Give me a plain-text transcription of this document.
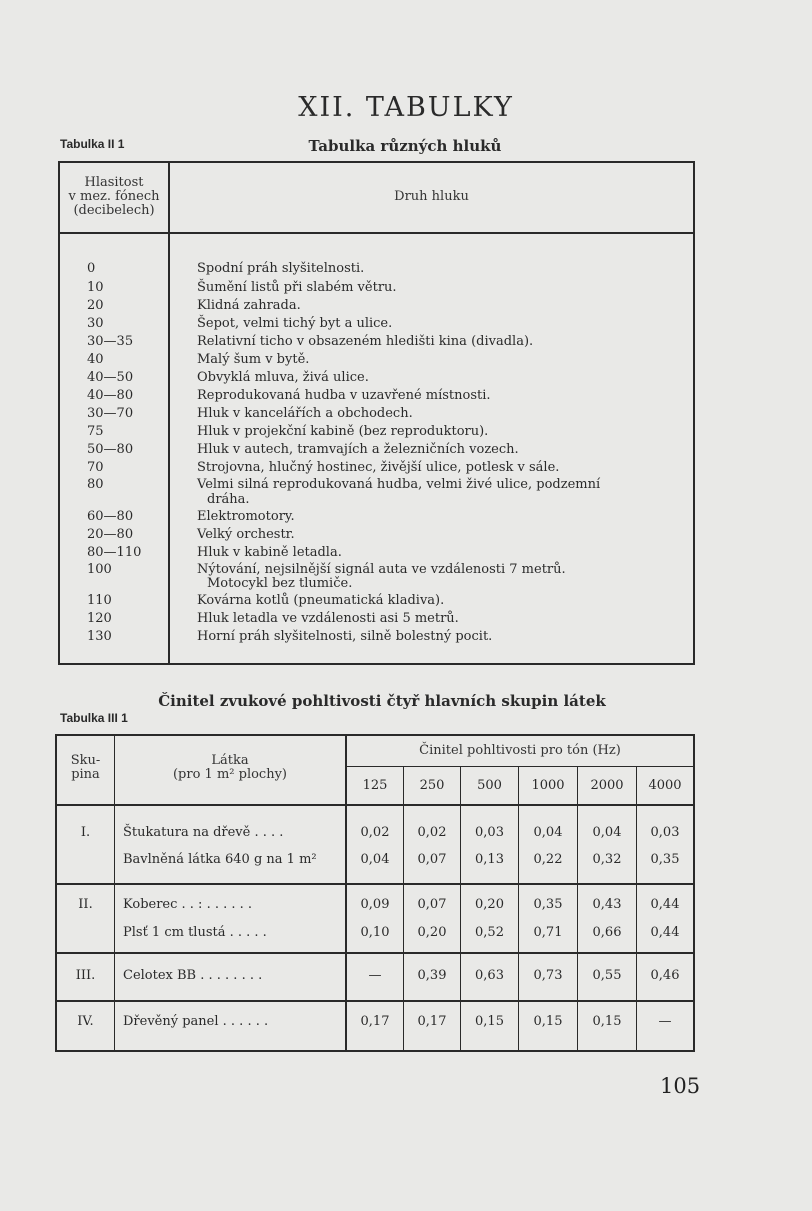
XII. TABULKY
Tabulka II 1	Tabulka různých hluků
Hlasitost
v mez. fónech
(decibelech)
Druh hluku
0	Spodní práh slyšitelnosti.
10	Šumění listů při slabém větru.
20	Klidná zahrada.
30	Šepot, velmi tichý byt a ulice.
30—35	Relativní ticho v obsazeném hledišti kina (divadla).
40	Malý šum v bytě.
40—50	Obvyklá mluva, živá ulice.
40—80	Reprodukovaná hudba v uzavřené místnosti.
30—70	Hluk v kancelářích a obchodech.
75	Hluk v projekční kabině (bez reproduktoru).
50—80	Hluk v autech, tramvajích a železničních vozech.
70	Strojovna, hlučný hostinec, živější ulice, potlesk v sále.
80	Velmi silná reprodukovaná hudba, velmi živé ulice, podzemní
dráha.
60—80	Elektromotory.
20—80	Velký orchestr.
80—110	Hluk v kabině letadla.
100	Nýtování, nejsilnější signál auta ve vzdálenosti 7 metrů.
Motocykl bez tlumiče.
110	Kovárna kotlů (pneumatická kladiva).
120	Hluk letadla ve vzdálenosti asi 5 metrů.
130	Horní práh slyšitelnosti, silně bolestný pocit.
Činitel zvukové pohltivosti čtyř hlavních skupin látek
Tabulka III 1
Sku-
pina
Látka
(pro 1 m² plochy)
Činitel pohltivosti pro tón (Hz)
125	250	500	1000	2000	4000
I.	Štukatura na dřevě . . . .	0,02	0,02	0,03	0,04	0,04	0,03
Bavlněná látka 640 g na 1 m²	0,04	0,07	0,13	0,22	0,32	0,35
II.	Koberec . . : . . . . . .	0,09	0,07	0,20	0,35	0,43	0,44
Plsť 1 cm tlustá . . . . .	0,10	0,20	0,52	0,71	0,66	0,44
III.	Celotex BB . . . . . . . .	—	0,39	0,63	0,73	0,55	0,46
IV.	Dřevěný panel . . . . . .	0,17	0,17	0,15	0,15	0,15	—
105
